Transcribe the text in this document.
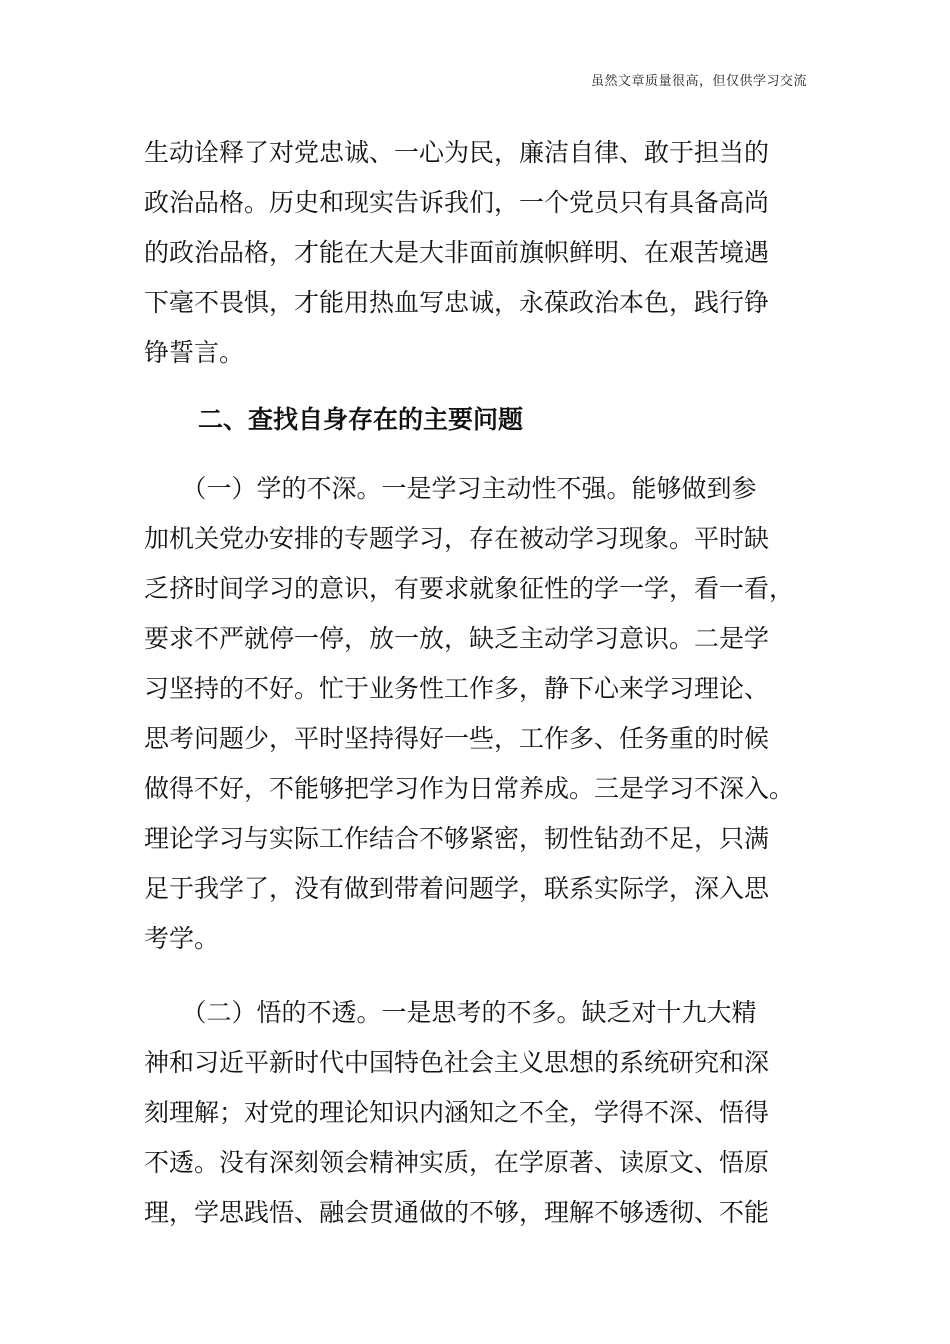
虽然文章质量很高，但仅供学习交流
生动诠释了对党忠诚、一心为民，廉洁自律、敢于担当的
政治品格。历史和现实告诉我们，一个党员只有具备高尚
的政治品格，才能在大是大非面前旗帜鲜明、在艰苦境遇
下毫不畏惧，才能用热血写忠诚，永葆政治本色，践行铮
铮誓言。
二、查找自身存在的主要问题
　　（一）学的不深。一是学习主动性不强。能够做到参
加机关党办安排的专题学习，存在被动学习现象。平时缺
乏挤时间学习的意识，有要求就象征性的学一学，看一看，
要求不严就停一停，放一放，缺乏主动学习意识。二是学
习坚持的不好。忙于业务性工作多，静下心来学习理论、
思考问题少，平时坚持得好一些，工作多、任务重的时候
做得不好，不能够把学习作为日常养成。三是学习不深入。
理论学习与实际工作结合不够紧密，韧性钻劲不足，只满
足于我学了，没有做到带着问题学，联系实际学，深入思
考学。
　　（二）悟的不透。一是思考的不多。缺乏对十九大精
神和习近平新时代中国特色社会主义思想的系统研究和深
刻理解；对党的理论知识内涵知之不全，学得不深、悟得
不透。没有深刻领会精神实质，在学原著、读原文、悟原
理，学思践悟、融会贯通做的不够，理解不够透彻、不能
